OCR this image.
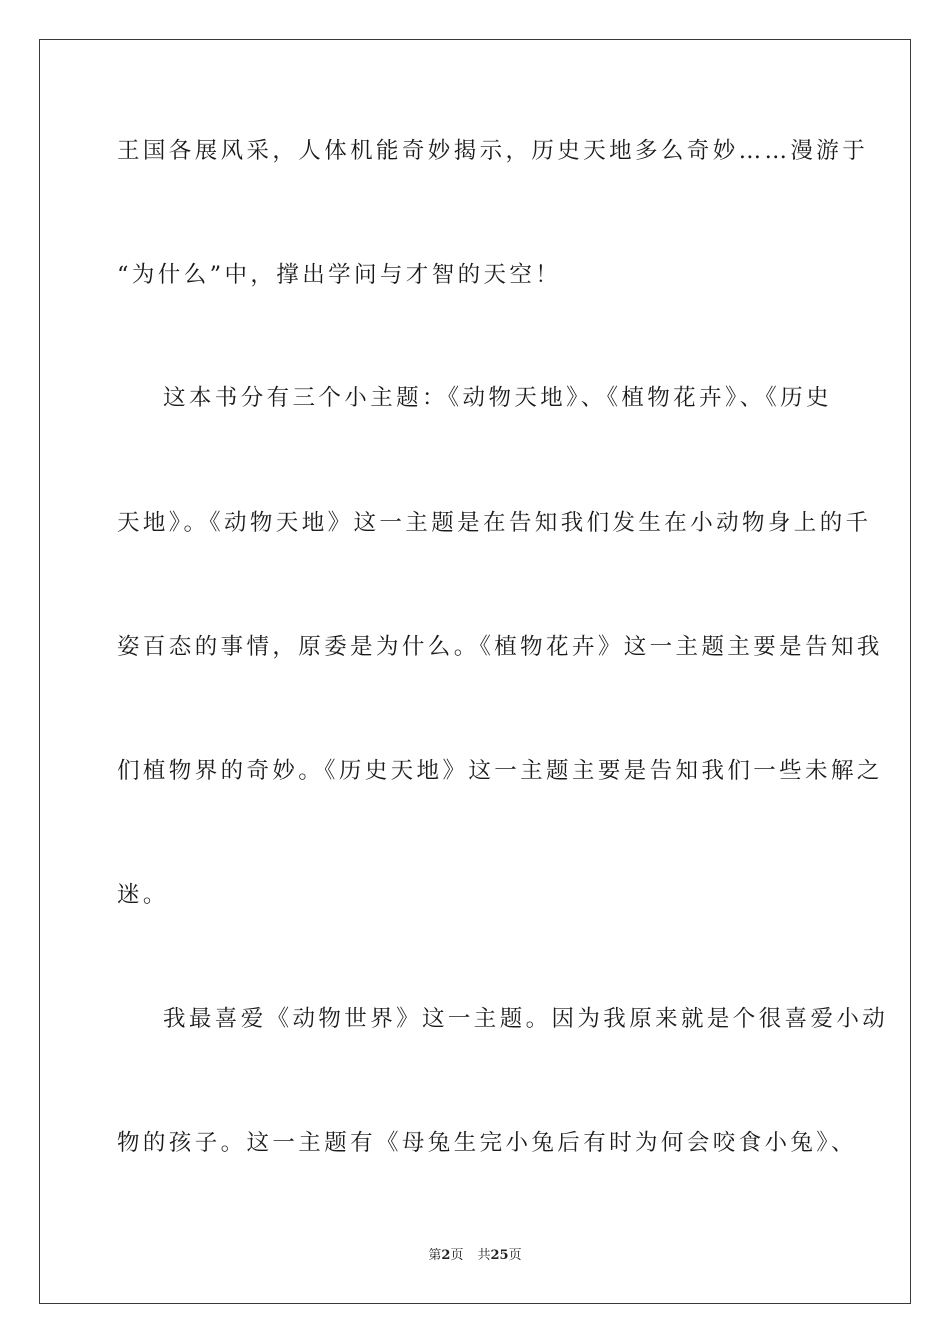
王国各展风采，人体机能奇妙揭示，历史天地多么奇妙……漫游于
“为什么”中，撑出学问与才智的天空！
这本书分有三个小主题：《动物天地》、《植物花卉》、《历史
天地》。《动物天地》这一主题是在告知我们发生在小动物身上的千
姿百态的事情，原委是为什么。《植物花卉》这一主题主要是告知我
们植物界的奇妙。《历史天地》这一主题主要是告知我们一些未解之
迷。
我最喜爱《动物世界》这一主题。因为我原来就是个很喜爱小动
物的孩子。这一主题有《母兔生完小兔后有时为何会咬食小兔》、
第2页 共25页
